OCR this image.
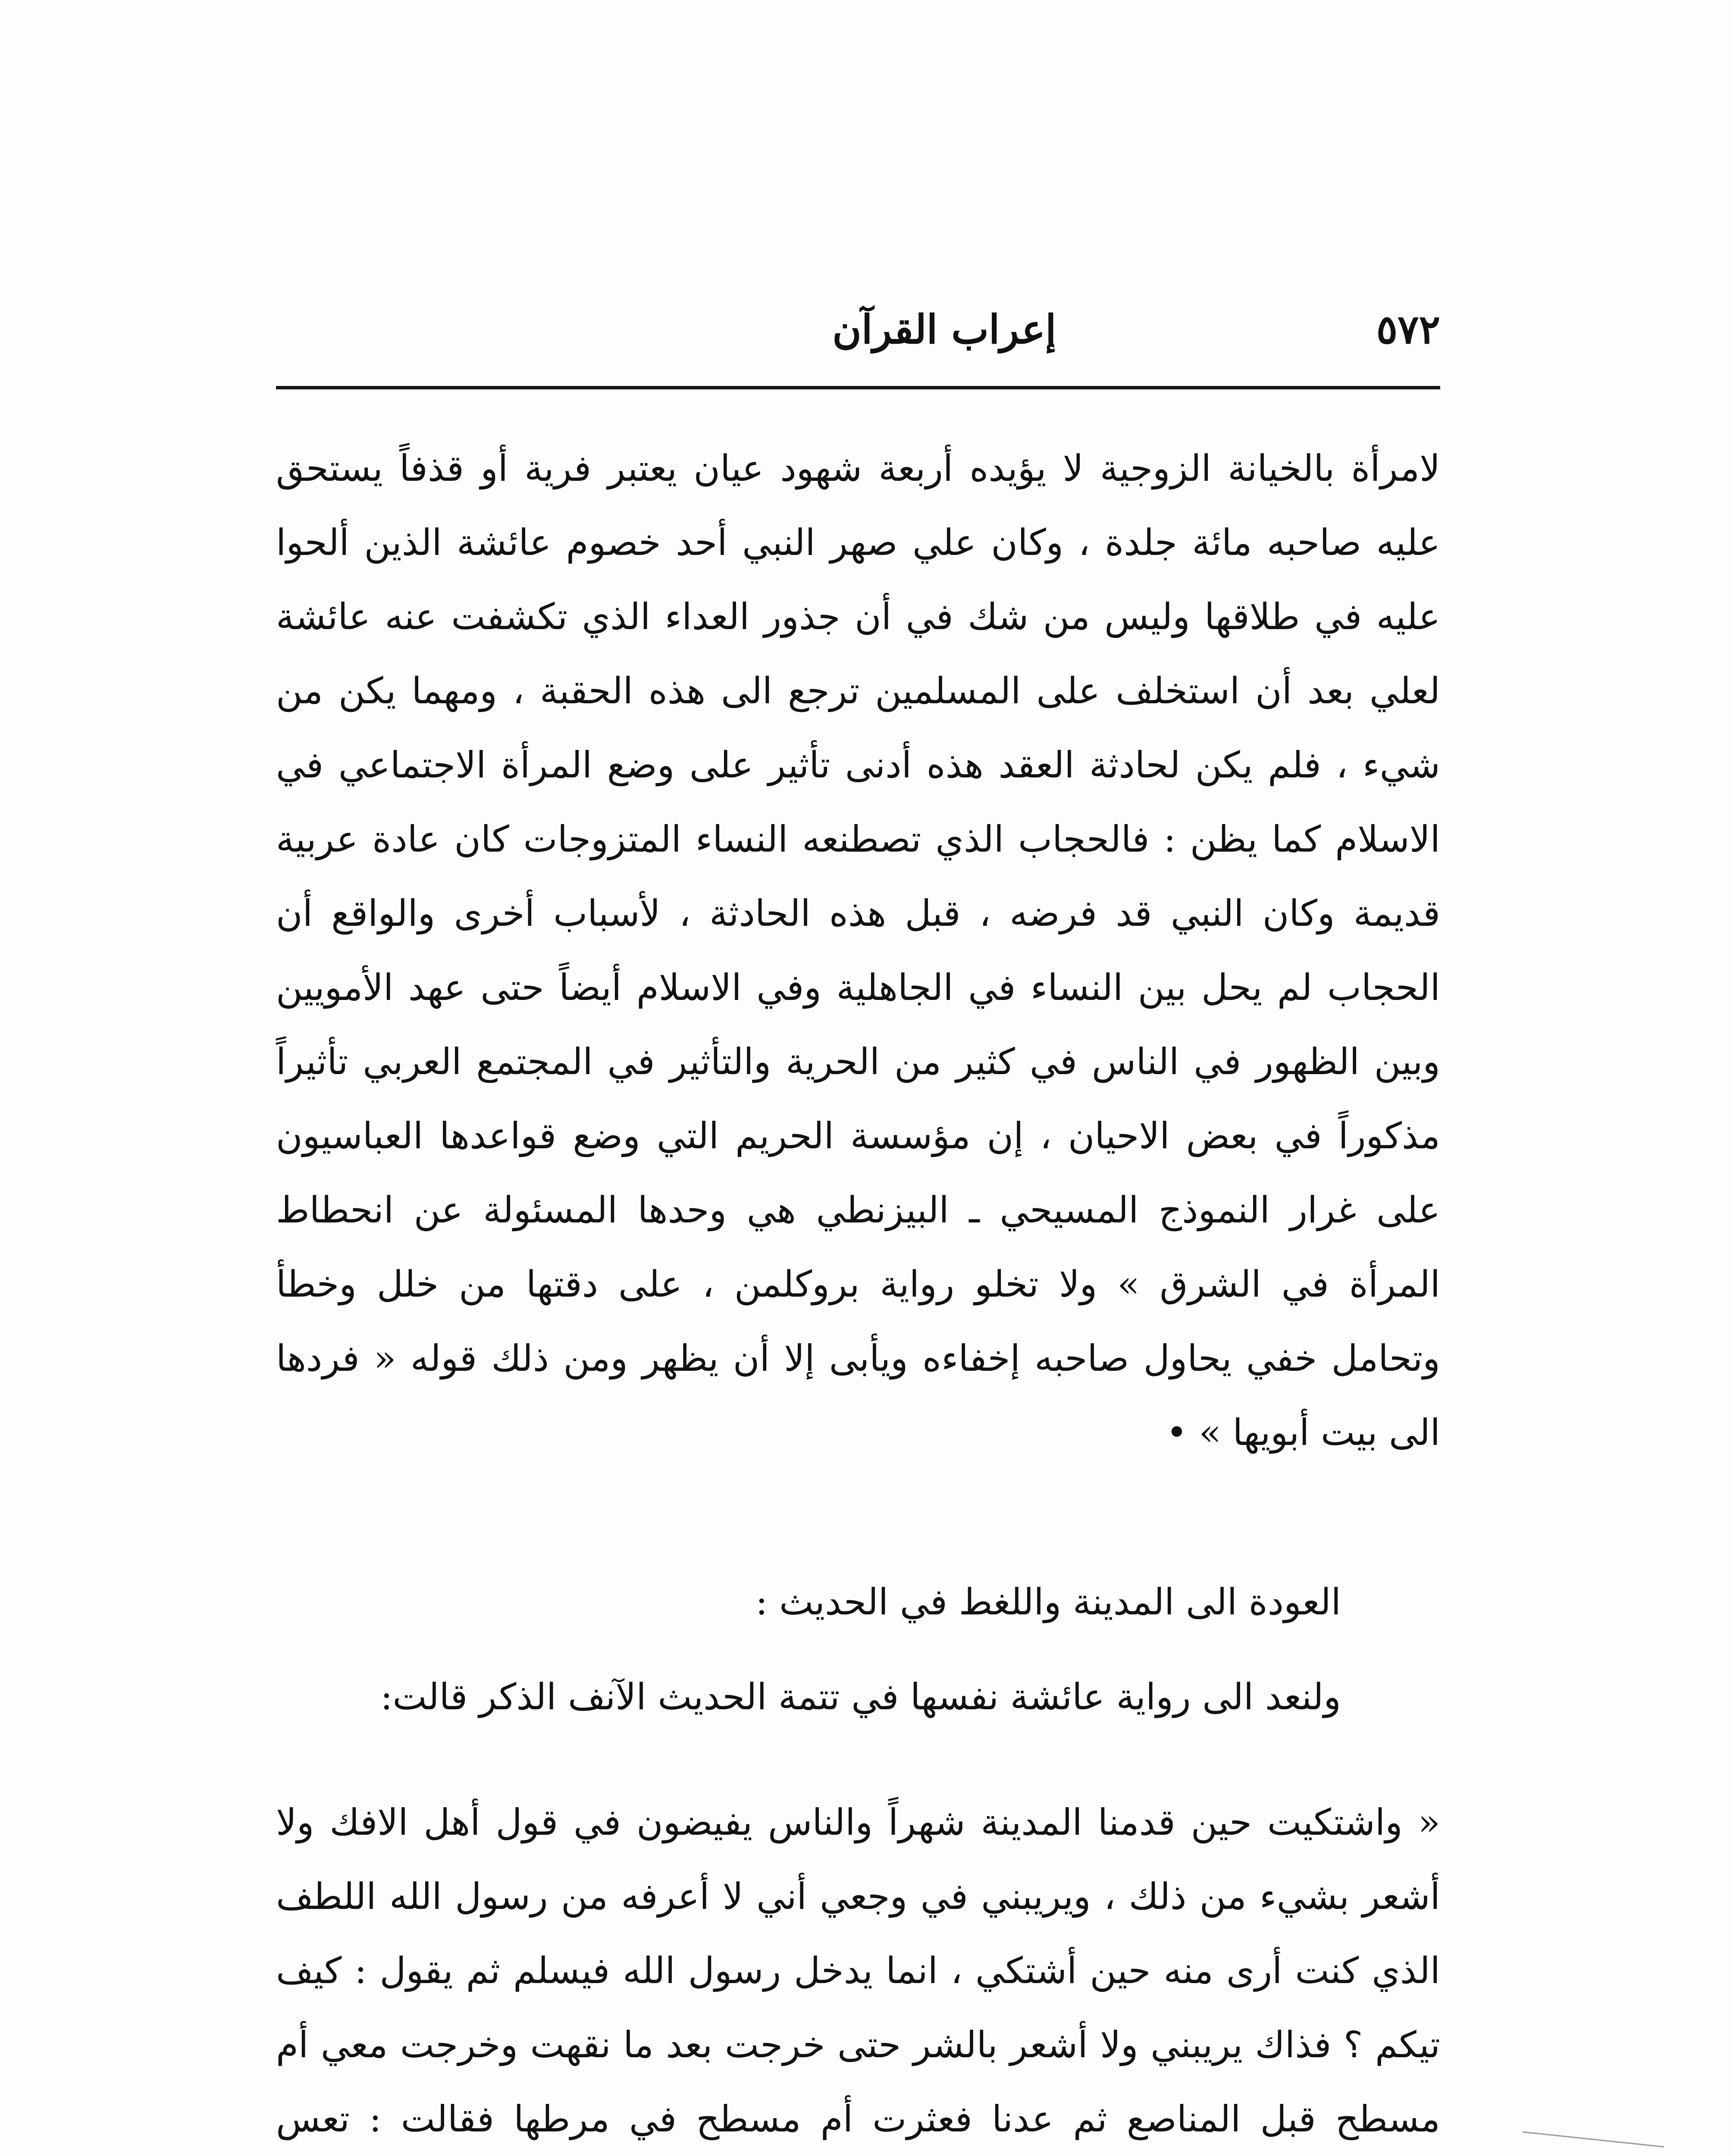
٥٧٢
إعراب القرآن
لامرأة بالخيانة الزوجية لا يؤيده أربعة شهود عيان يعتبر فرية أو قذفاً يستحق عليه صاحبه مائة جلدة ، وكان علي صهر النبي أحد خصوم عائشة الذين ألحوا عليه في طلاقها وليس من شك في أن جذور العداء الذي تكشفت عنه عائشة لعلي بعد أن استخلف على المسلمين ترجع الى هذه الحقبة ، ومهما يكن من شيء ، فلم يكن لحادثة العقد هذه أدنى تأثير على وضع المرأة الاجتماعي في الاسلام كما يظن : فالحجاب الذي تصطنعه النساء المتزوجات كان عادة عربية قديمة وكان النبي قد فرضه ، قبل هذه الحادثة ، لأسباب أخرى والواقع أن الحجاب لم يحل بين النساء في الجاهلية وفي الاسلام أيضاً حتى عهد الأمويين وبين الظهور في الناس في كثير من الحرية والتأثير في المجتمع العربي تأثيراً مذكوراً في بعض الاحيان ، إن مؤسسة الحريم التي وضع قواعدها العباسيون على غرار النموذج المسيحي ـ البيزنطي هي وحدها المسئولة عن انحطاط المرأة في الشرق » ولا تخلو رواية بروكلمن ، على دقتها من خلل وخطأ وتحامل خفي يحاول صاحبه إخفاءه ويأبى إلا أن يظهر ومن ذلك قوله « فردها الى بيت أبويها » •
العودة الى المدينة واللغط في الحديث :
ولنعد الى رواية عائشة نفسها في تتمة الحديث الآنف الذكر قالت:
« واشتكيت حين قدمنا المدينة شهراً والناس يفيضون في قول أهل الافك ولا أشعر بشيء من ذلك ، ويريبني في وجعي أني لا أعرفه من رسول الله اللطف الذي كنت أرى منه حين أشتكي ، انما يدخل رسول الله فيسلم ثم يقول : كيف تيكم ؟ فذاك يريبني ولا أشعر بالشر حتى خرجت بعد ما نقهت وخرجت معي أم مسطح قبل المناصع ثم عدنا فعثرت أم مسطح في مرطها فقالت : تعس
